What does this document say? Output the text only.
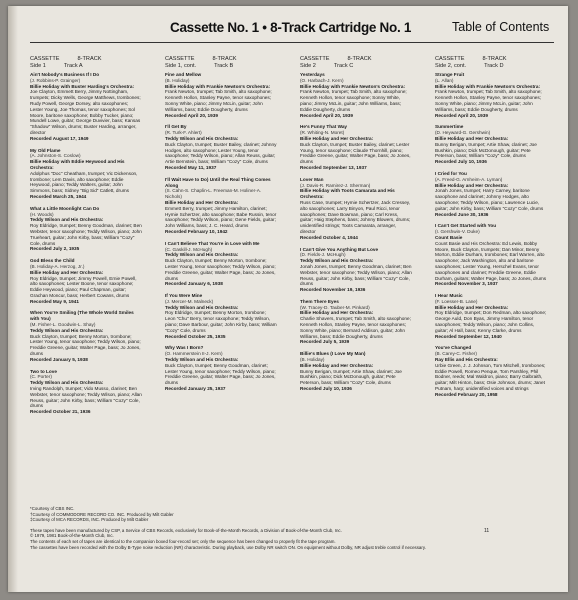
Cassette No. 1 • 8-Track Cartridge No. 1	Table of Contents
CASSETTE	8-TRACK
Side 1	Track A
CASSETTE	8-TRACK
Side 1, cont.	Track B
CASSETTE	8-TRACK
Side 2	Track C
CASSETTE	8-TRACK
Side 2, cont.	Track D
Ain't Nobody's Business If I Do
(J. Robbins-P. Grainger)
Billie Holiday with Buster Harding's Orchestra:
Joe Clayton, Emmett Berry, Jimmy Nottingham, trumpets; Dicky Wells, George Matthews, trombones; Rudy Powell, George Dorsey, alto saxophones; Lester Young, Joe Thomas, tenor saxophones; Sol Moore, baritone saxophone; Bobby Tucker, piano; Mundell Lowe, guitar; George Duvivier, bass; Kansas "Shadow" Wilson, drums; Buster Harding, arranger, director
Recorded August 17, 1949
My Old Flame
(A. Johnston-S. Coslow)
Billie Holiday with Eddie Heywood and His Orchestra:
Adolphus "Doc" Cheatham, trumpet; Vic Dickenson, trombone; Lem Davis, alto saxophone; Eddie Heywood, piano; Teddy Walters, guitar; John Simmons, bass; Sidney "Big Sid" Catlett, drums
Recorded March 25, 1944
What a Little Moonlight Can Do
(H. Woods)
Teddy Wilson and His Orchestra:
Roy Eldridge, trumpet; Benny Goodman, clarinet; Ben Webster, tenor saxophone; Teddy Wilson, piano; John Trueheart, guitar; John Kirby, bass; William "Cozy" Cole, drums
Recorded July 2, 1935
God Bless the Child
(B. Holiday-A. Herzog, Jr.)
Billie Holiday and Her Orchestra:
Roy Eldridge, trumpet; Jimmy Powell, Ernie Powell, alto saxophones; Lester Boone, tenor saxophone; Eddie Heywood, piano; Paul Chapman, guitar; Grachan Moncur, bass; Herbert Cowans, drums
Recorded May 9, 1941
When You're Smiling (The Whole World Smiles with You)
(M. Fisher-L. Goodwin-L. Shay)
Teddy Wilson and His Orchestra:
Buck Clayton, trumpet; Benny Morton, trombone; Lester Young, tenor saxophone; Teddy Wilson, piano; Freddie Greene, guitar; Walter Page, bass; Jo Jones, drums
Recorded January 5, 1938
Two to Love
(C. Porter)
Teddy Wilson and His Orchestra:
Irving Randolph, trumpet; Vido Musso, clarinet; Ben Webster, tenor saxophone; Teddy Wilson, piano; Allan Reuss, guitar; John Kirby, bass; William "Cozy" Cole, drums
Recorded October 21, 1936
Fine and Mellow
(B. Holiday)
Billie Holiday with Frankie Newton's Orchestra:
Frank Newton, trumpet; Tab Smith, alto saxophone; Kenneth Hollon, Stanley Payne, tenor saxophones; Sonny White, piano; Jimmy McLin, guitar; John Williams, bass; Eddie Dougherty, drums
Recorded April 20, 1939
I'll Get By
(R. Turk-F. Ahlert)
Teddy Wilson and His Orchestra:
Buck Clayton, trumpet; Buster Bailey, clarinet; Johnny Hodges, alto saxophone; Lester Young, tenor saxophone; Teddy Wilson, piano; Allan Reuss, guitar; Artie Bernstein, bass; William "Cozy" Cole, drums
Recorded May 11, 1937
I'll Wait Have to Do) Until the Real Thing Comes Along
(S. Cahn-S. Chaplin-L. Freeman-M. Holiner-A. Nichols)
Billie Holiday and Her Orchestra:
Emmett Berry, trumpet; Jimmy Hamilton, clarinet; Hymie Schertzer, alto saxophone; Babe Russin, tenor saxophone; Teddy Wilson, piano; Gene Fields, guitar; John Williams, bass; J. C. Heard, drums
Recorded February 10, 1942
I Can't Believe That You're in Love with Me
(C. Gaskill-J. McHugh)
Teddy Wilson and His Orchestra:
Buck Clayton, trumpet; Benny Morton, trombone; Lester Young, tenor saxophone; Teddy Wilson, piano; Freddie Greene, guitar; Walter Page, bass; Jo Jones, drums
Recorded January 6, 1938
If You Were Mine
(J. Mercer-M. Malneck)
Teddy Wilson and His Orchestra:
Roy Eldridge, trumpet; Benny Morton, trombone; Leon "Chu" Berry, tenor saxophone; Teddy Wilson, piano; Dave Barbour, guitar; John Kirby, bass; William "Cozy" Cole, drums
Recorded October 25, 1935
Why Was I Born?
(O. Hammerstein II-J. Kern)
Teddy Wilson and His Orchestra:
Buck Clayton, trumpet; Benny Goodman, clarinet; Lester Young, tenor saxophone; Teddy Wilson, piano; Freddie Greene, guitar; Walter Page, bass; Jo Jones, drums
Recorded January 25, 1937
Yesterdays
(O. Harbach-J. Kern)
Billie Holiday with Frankie Newton's Orchestra:
Frank Newton, trumpet; Tab Smith, alto saxophone; Kenneth Hollon, tenor saxophone; Sonny White, piano; Jimmy McLin, guitar; John Williams, bass; Eddie Dougherty, drums
Recorded April 20, 1939
He's Funny That Way
(R. Whiting-N. Moret)
Billie Holiday and Her Orchestra:
Buck Clayton, trumpet; Buster Bailey, clarinet; Lester Young, tenor saxophone; Claude Thornhill, piano; Freddie Greene, guitar; Walter Page, bass; Jo Jones, drums
Recorded September 13, 1937
Lover Man
(J. Davis-R. Ramirez-J. Sherman)
Billie Holiday with Toots Camarata and His Orchestra:
Russ Case, trumpet; Hymie Schertzer, Jack Cressey, alto saxophones; Larry Binyon, Paul Ricci, tenor saxophones; Dave Bowman, piano; Carl Kress, guitar; Haig Stephens, bass; Johnny Blowers, drums; unidentified strings; Toots Camarata, arranger, director
Recorded October 4, 1944
I Can't Give You Anything But Love
(D. Fields-J. McHugh)
Teddy Wilson and His Orchestra:
Jonah Jones, trumpet; Benny Goodman, clarinet; Ben Webster, tenor saxophone; Teddy Wilson, piano; Allan Reuss, guitar; John Kirby, bass; William "Cozy" Cole, drums
Recorded November 19, 1936
Them There Eyes
(W. Tracey-D. Tauber-M. Pinkard)
Billie Holiday and Her Orchestra:
Charlie Shavers, trumpet; Tab Smith, alto saxophone; Kenneth Hollon, Stanley Payne, tenor saxophones; Sonny White, piano; Bernard Addison, guitar; John Williams, bass; Eddie Dougherty, drums
Recorded July 5, 1939
Billie's Blues (I Love My Man)
(B. Holiday)
Billie Holiday and Her Orchestra:
Bunny Berigan, trumpet; Artie Shaw, clarinet; Joe Bushkin, piano; Dick McDonough, guitar; Pete Peterson, bass; William "Cozy" Cole, drums
Recorded July 10, 1936
Strange Fruit
(L. Allan)
Billie Holiday with Frankie Newton's Orchestra:
Frank Newton, trumpet; Tab Smith, alto saxophone; Kenneth Hollon, Stanley Payne, tenor saxophones; Sonny White, piano; Jimmy McLin, guitar; John Williams, bass; Eddie Dougherty, drums
Recorded April 20, 1939
Summertime
(D. Heyward-G. Gershwin)
Billie Holiday and Her Orchestra:
Bunny Berigan, trumpet; Artie Shaw, clarinet; Joe Bushkin, piano; Dick McDonough, guitar; Pete Peterson, bass; William "Cozy" Cole, drums
Recorded July 10, 1936
I Cried for You
(A. Freed-G. Arnheim-A. Lyman)
Billie Holiday and Her Orchestra:
Jonah Jones, trumpet; Harry Carney, baritone saxophone and clarinet; Johnny Hodges, alto saxophone; Teddy Wilson, piano; Lawrence Lucie, guitar; John Kirby, bass; William "Cozy" Cole, drums
Recorded June 30, 1936
I Can't Get Started with You
(I. Gershwin-V. Duke)
Count Basie
Count Basie and His Orchestra: Ed Lewis, Bobby Moore, Buck Clayton, trumpets; Dan Minor, Benny Morton, Eddie Durham, trombones; Earl Warren, alto saxophone; Jack Washington, alto and baritone saxophones; Lester Young, Herschel Evans, tenor saxophones and clarinet; Freddie Greene, Eddie Durham, guitars; Walter Page, bass; Jo Jones, drums
Recorded November 3, 1937
I Hear Music
(F. Loesser-B. Lane)
Billie Holiday and Her Orchestra:
Roy Eldridge, trumpet; Don Redman, alto saxophone; George Auld, Don Byas, Jimmy Hamilton, tenor saxophones; Teddy Wilson, piano; John Collins, guitar; Al Hall, bass; Kenny Clarke, drums
Recorded September 12, 1940
You've Changed
(B. Carey-C. Fisher)
Ray Ellis and His Orchestra:
Urbie Green, J. J. Johnson, Tom Mitchell, trombones; Eddie Powell, Romeo Penque, Tom Parshley, Phil Bodner, reeds; Mal Waldron, piano; Barry Galbraith, guitar; Milt Hinton, bass; Osie Johnson, drums; Janet Putnam, harp; unidentified voices and strings
Recorded February 20, 1958
*Courtesy of CBS INC.
†Courtesy of COMMODORE RECORD CO. INC. Produced by Milt Gabler
‡Courtesy of MCA RECORDS, INC. Produced by Milt Gabler
These tapes have been manufactured by CSP, a Service of CBS Records, exclusively for Book-of-the-Month Records, a Division of Book-of-the-Month Club, Inc.
© 1979, 1981 Book-of-the-Month Club, Inc.
The contents of each set of tapes are identical to the companion boxed four-record set; only the sequence has been changed to properly fit the tape program.
The cassettes have been recorded with the Dolby B-Type noise reduction (NR) characteristic. During playback, use Dolby NR switch ON. On equipment without Dolby, NR adjust treble control if necessary.
11
